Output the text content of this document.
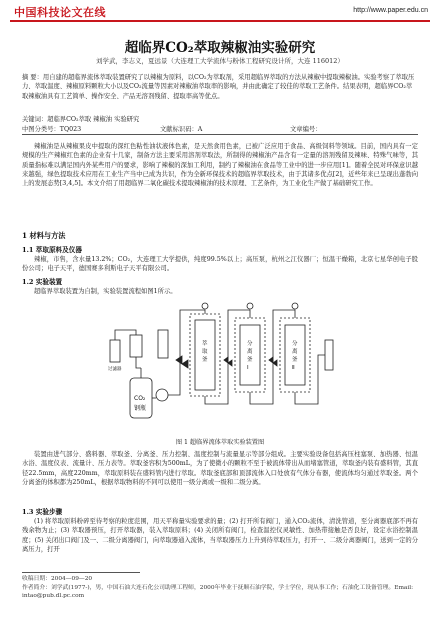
中国科技论文在线	http://www.paper.edu.cn
超临界CO₂萃取辣椒油实验研究
刘学武，李志义，夏远景（大连理工大学流体与粉体工程研究设计所，大连 116012）
摘 要：用自建的超临界流体萃取装置研究了以辣椒为原料，以CO₂为萃取剂，采用超临界萃取的方法从辣椒中提取辣椒油。实验考察了萃取压力、萃取温度、辣椒原料颗粒大小以及CO₂流量等因素对辣椒油萃取率的影响，并由此确定了较佳的萃取工艺条件。结果表明，超临界CO₂萃取辣椒油具有工艺简单、操作安全、产品无溶剂残留、提取率高等优点。
关键词：超临界CO₂萃取 辣椒油 实验研究
中图分类号：TQ023	文献标识码：A	文章编号：
辣椒油是从辣椒果皮中提取的深红色粘性油状液体色素，是天然食用色素，已被广泛应用于食品、高级饲料等领域。目前，国内具有一定规模的生产辣椒红色素的企业有十几家，制备方法主要采用溶剂萃取法，所制得的辣椒油产品含有一定量的溶剂残留及辣味、特殊气味等，其质量指标难以满足国内外某些用户的要求，影响了辣椒的深加工利用，制约了辣椒油在食品等工业中的进一步应用[1]。随着全民对环保意识越来越强，绿色提取技术应用在工业生产当中已成为共识，作为全新环保技术的超临界萃取技术，由于其诸多优点[2]，近些年来已呈现出蓬勃向上的发展态势[3,4,5]。本文介绍了用超临界二氧化碳技术提取辣椒油的技术原理、工艺条件，为工业化生产做了基础研究工作。
1 材料与方法
1.1 萃取原料及仪器
辣椒，市售，含水量13.2%；CO₂，大连理工大学提供，纯度99.5%以上；高压泵，杭州之江仪器厂；恒温干燥箱，北京七星华创电子股份公司；电子天平，德国赛多利斯电子天平有限公司。
1.2 实验装置
超临界萃取装置为自制，实验装置流程如图1所示。
CO₂
钢瓶
萃取釜
分离釜 Ⅰ
分离釜 Ⅱ
过滤器
图 1 超临界流体萃取实验装置图
装置由进气部分、盛料器、萃取釜、分离釜、压力控制、温度控制与流量显示等部分组成。主要实验设备包括高压柱塞泵、加热器、恒温水浴、温度仪表、流量计、压力表等。萃取釜容积为500mL，为了使微小的颗粒不至于被流体带出从而堵塞管道，萃取釜内装有盛料管，其直径22.5mm，高度220mm，萃取原料装在盛料管内进行萃取。萃取釜底部和顶部流体入口处放有气体分布器，使流体均匀通过萃取釜。两个分离釜的体积都为250mL，根据萃取物料的不同可以使用一级分离或一级和二级分离。
1.3 实验步骤
(1) 将萃取原料粉碎至待考察的粒度范围，用天平称量实验要求的量；(2) 打开所有阀门，通入CO₂流体，清洗管道，至分离器底部不再有残余物为止；(3) 萃取器预压，打开萃取器，装入萃取原料；(4) 关闭所有阀门，检查温控仪灵敏性、加热带接触是否良好，设定水浴控制温度；(5) 关闭出口阀门及一、二级分离器阀门，向萃取器通入流体，当萃取器压力上升到待萃取压力，打开一、二级分离器阀门，送到一定的分离压力，打开
收稿日期：2004—09—20
作者简介：刘学武(1977-)，男，中国石油大连石化公司助理工程师，2000年毕业于抚顺石油学院，学士学位，现从事工作；石油化工设备管理。Email: intao@pub.dl.pc.com
